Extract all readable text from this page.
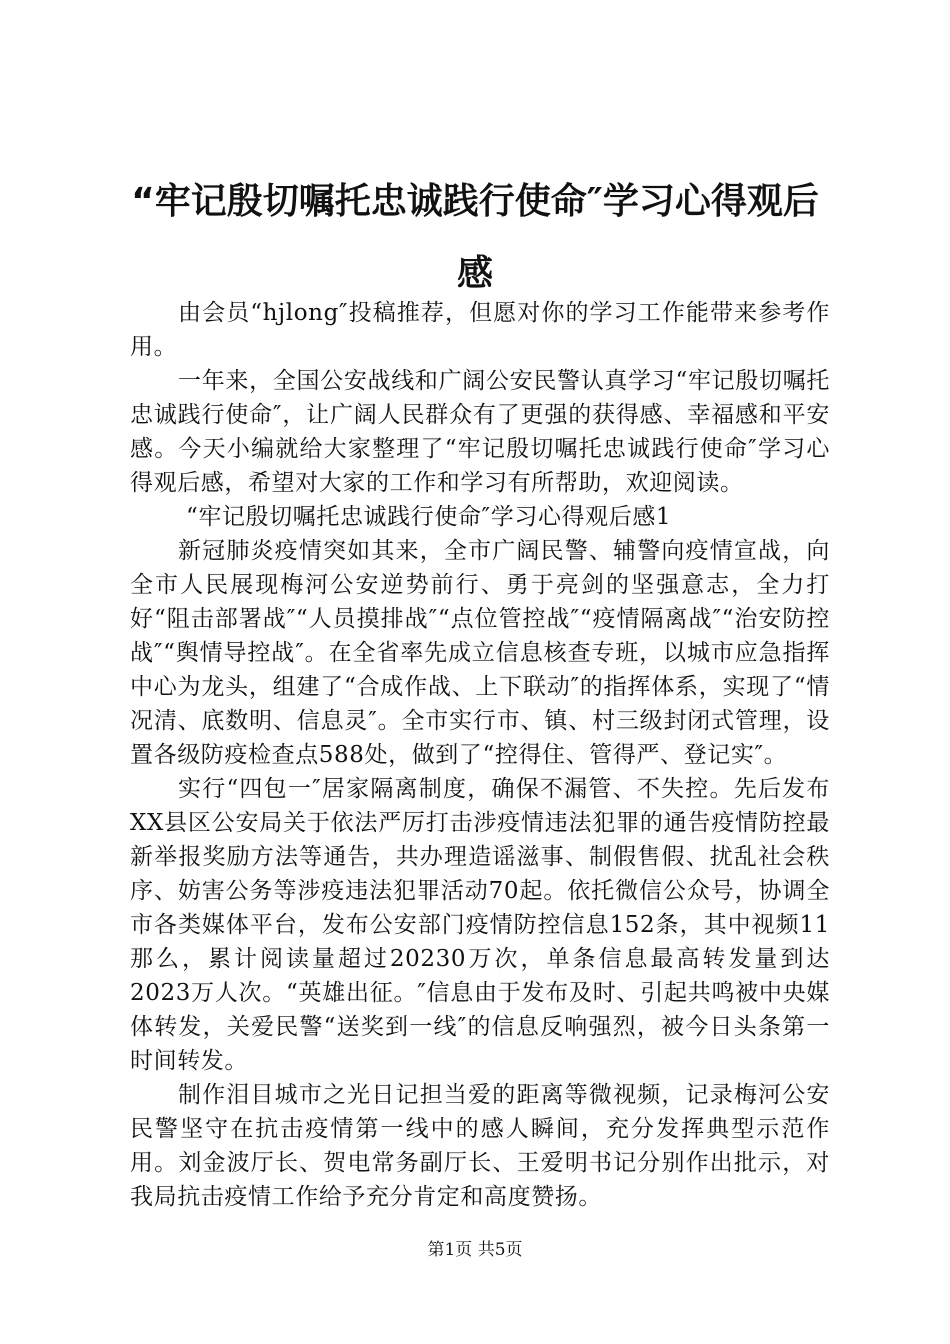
“牢记殷切嘱托忠诚践行使命″学习心得观后感

由会员“hjlong″投稿推荐，但愿对你的学习工作能带来参考作用。

一年来，全国公安战线和广阔公安民警认真学习“牢记殷切嘱托忠诚践行使命″，让广阔人民群众有了更强的获得感、幸福感和平安感。今天小编就给大家整理了“牢记殷切嘱托忠诚践行使命″学习心得观后感，希望对大家的工作和学习有所帮助，欢迎阅读。

“牢记殷切嘱托忠诚践行使命″学习心得观后感1

新冠肺炎疫情突如其来，全市广阔民警、辅警向疫情宣战，向全市人民展现梅河公安逆势前行、勇于亮剑的坚强意志，全力打好“阻击部署战″“人员摸排战″“点位管控战″“疫情隔离战″“治安防控战″“舆情导控战″。在全省率先成立信息核查专班，以城市应急指挥中心为龙头，组建了“合成作战、上下联动″的指挥体系，实现了“情况清、底数明、信息灵″。全市实行市、镇、村三级封闭式管理，设置各级防疫检查点588处，做到了“控得住、管得严、登记实″。

实行“四包一″居家隔离制度，确保不漏管、不失控。先后发布XX县区公安局关于依法严厉打击涉疫情违法犯罪的通告疫情防控最新举报奖励方法等通告，共办理造谣滋事、制假售假、扰乱社会秩序、妨害公务等涉疫违法犯罪活动70起。依托微信公众号，协调全市各类媒体平台，发布公安部门疫情防控信息152条，其中视频11那么，累计阅读量超过20230万次，单条信息最高转发量到达2023万人次。“英雄出征。″信息由于发布及时、引起共鸣被中央媒体转发，关爱民警“送奖到一线″的信息反响强烈，被今日头条第一时间转发。

制作泪目城市之光日记担当爱的距离等微视频，记录梅河公安民警坚守在抗击疫情第一线中的感人瞬间，充分发挥典型示范作用。刘金波厅长、贺电常务副厅长、王爱明书记分别作出批示，对我局抗击疫情工作给予充分肯定和高度赞扬。

第1页 共5页
